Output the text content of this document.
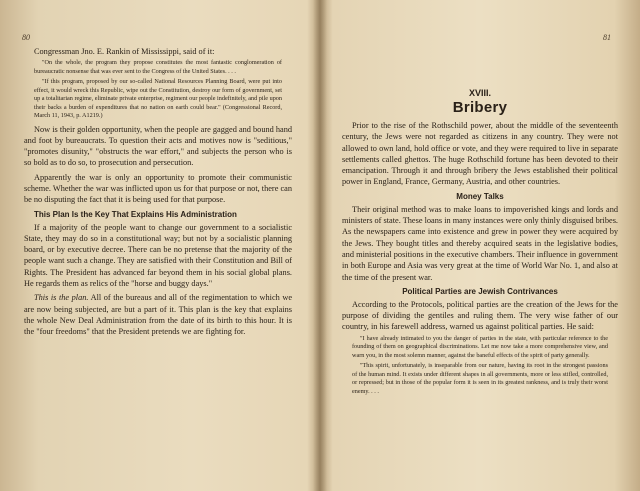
80

Congressman Jno. E. Rankin of Mississippi, said of it:

"On the whole, the program they propose constitutes the most fantastic conglomeration of bureaucratic nonsense that was ever sent to the Congress of the United States. . . .

"If this program, proposed by our so-called National Resources Planning Board, were put into effect, it would wreck this Republic, wipe out the Constitution, destroy our form of government, set up a totalitarian regime, eliminate private enterprise, regiment our people indefinitely, and pile upon their backs a burden of expenditures that no nation on earth could bear." (Congressional Record, March 11, 1943, p. A1219.)

Now is their golden opportunity, when the people are gagged and bound hand and foot by bureaucrats. To question their acts and motives now is "seditious," "promotes disunity," "obstructs the war effort," and subjects the person who is so bold as to do so, to prosecution and persecution.

Apparently the war is only an opportunity to promote their communistic scheme. Whether the war was inflicted upon us for that purpose or not, there can be no disputing the fact that it is being used for that purpose.

This Plan Is the Key That Explains His Administration

If a majority of the people want to change our government to a socialistic State, they may do so in a constitutional way; but not by a socialistic planning board, or by executive decree. There can be no pretense that the majority of the people want such a change. They are satisfied with their Constitution and Bill of Rights. The President has advanced far beyond them in his social global plans. He regards them as relics of the "horse and buggy days."

This is the plan. All of the bureaus and all of the regimentation to which we are now being subjected, are but a part of it. This plan is the key that explains the whole New Deal Administration from the date of its birth to this hour. It is the "four freedoms" that the President pretends we are fighting for.

81
XVIII.
Bribery

Prior to the rise of the Rothschild power, about the middle of the seventeenth century, the Jews were not regarded as citizens in any country. They were not allowed to own land, hold office or vote, and they were required to live in separate settlements called ghettos. The huge Rothschild fortune has been devoted to their emancipation. Through it and through bribery the Jews established their political power in England, France, Germany, Austria, and other countries.

Money Talks

Their original method was to make loans to impoverished kings and lords and ministers of state. These loans in many instances were only thinly disguised bribes. As the newspapers came into existence and grew in power they were acquired by the Jews. They bought titles and thereby acquired seats in the legislative bodies, and ministerial positions in the executive chambers. Their influence in government in both Europe and Asia was very great at the time of World War No. 1, and also at the time of the present war.

Political Parties are Jewish Contrivances

According to the Protocols, political parties are the creation of the Jews for the purpose of dividing the gentiles and ruling them. The very wise father of our country, in his farewell address, warned us against political parties. He said:

"I have already intimated to you the danger of parties in the state, with particular reference to the founding of them on geographical discriminations. Let me now take a more comprehensive view, and warn you, in the most solemn manner, against the baneful effects of the spirit of party generally.

"This spirit, unfortunately, is inseparable from our nature, having its root in the strongest passions of the human mind. It exists under different shapes in all governments, more or less stifled, controlled, or repressed; but in those of the popular form it is seen in its greatest rankness, and is truly their worst enemy. . . .
